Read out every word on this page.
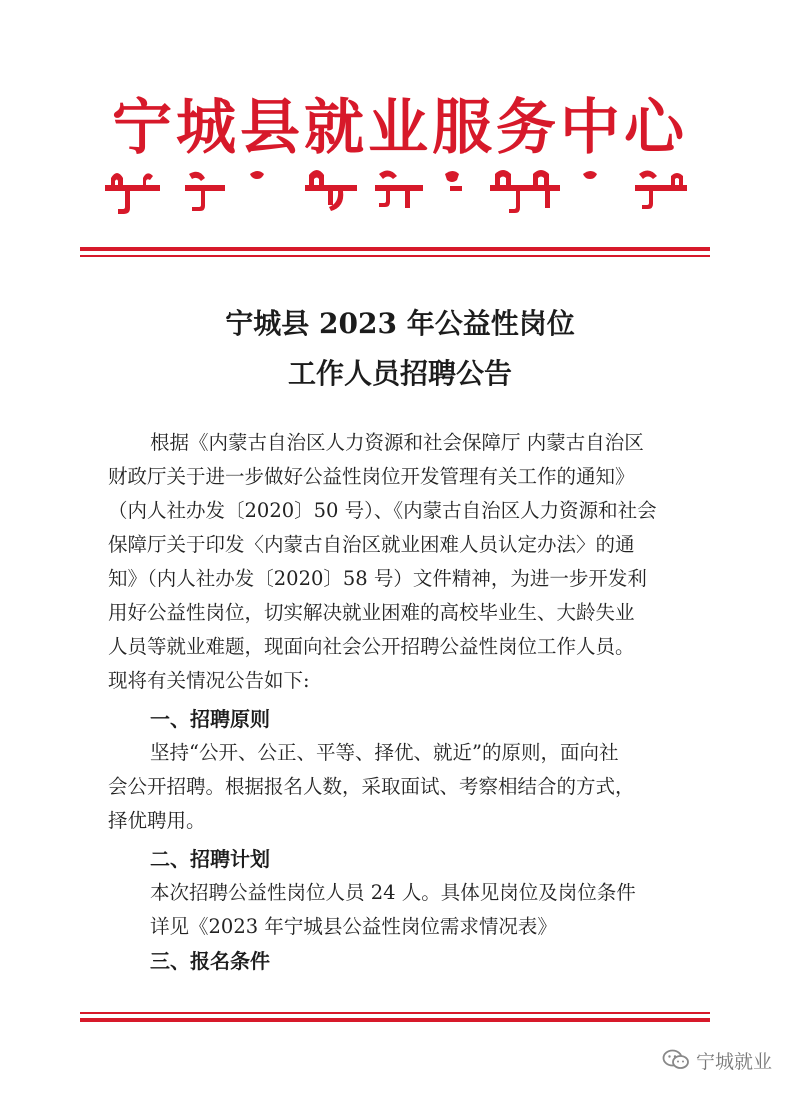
宁城县就业服务中心
宁城县 2023 年公益性岗位
工作人员招聘公告
根据《内蒙古自治区人力资源和社会保障厅 内蒙古自治区
财政厅关于进一步做好公益性岗位开发管理有关工作的通知》
（内人社办发〔2020〕50 号）、《内蒙古自治区人力资源和社会
保障厅关于印发〈内蒙古自治区就业困难人员认定办法〉的通
知》（内人社办发〔2020〕58 号）文件精神，为进一步开发利
用好公益性岗位，切实解决就业困难的高校毕业生、大龄失业
人员等就业难题，现面向社会公开招聘公益性岗位工作人员。
现将有关情况公告如下:
一、招聘原则
坚持“公开、公正、平等、择优、就近”的原则，面向社
会公开招聘。根据报名人数，采取面试、考察相结合的方式，
择优聘用。
二、招聘计划
本次招聘公益性岗位人员 24 人。具体见岗位及岗位条件
详见《2023 年宁城县公益性岗位需求情况表》
三、报名条件
宁城就业
